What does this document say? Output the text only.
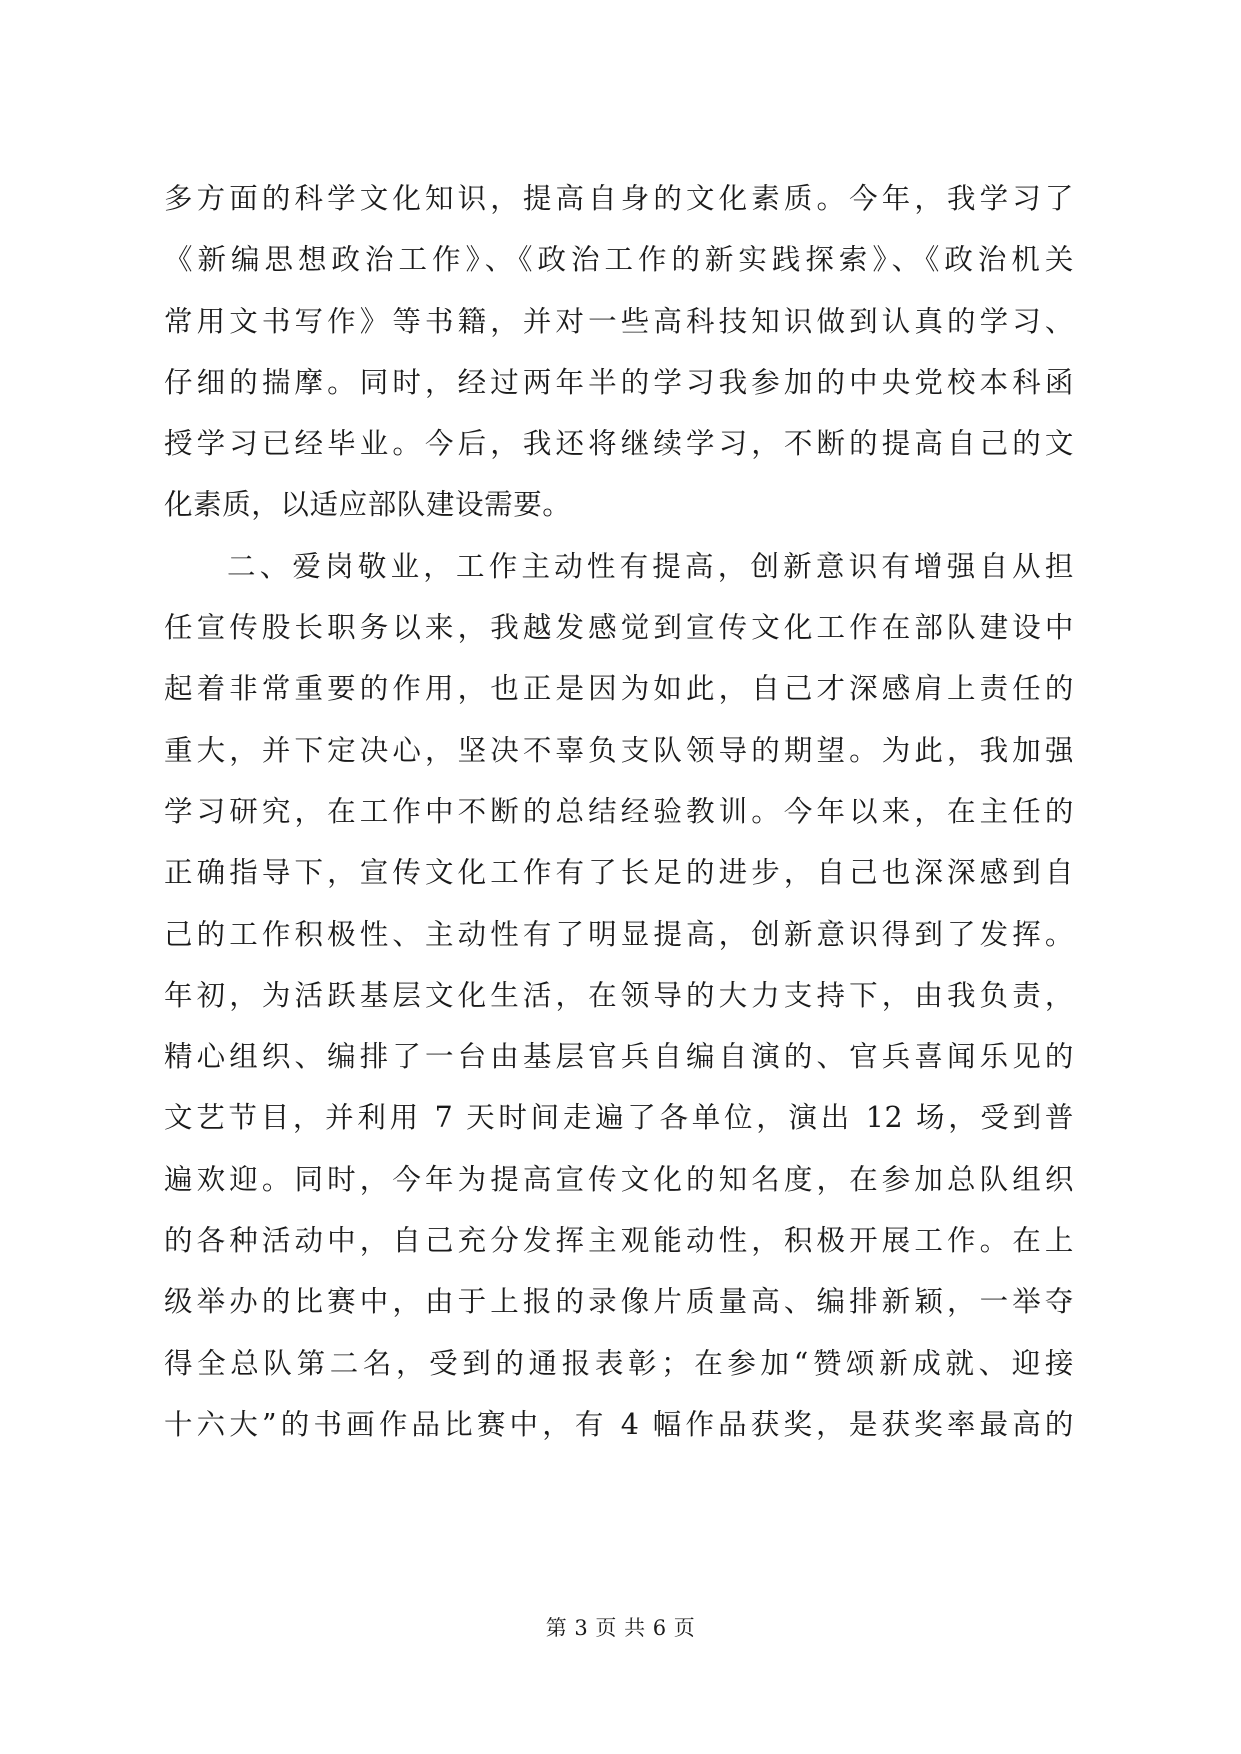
多方面的科学文化知识，提高自身的文化素质。今年，我学习了
《新编思想政治工作》、《政治工作的新实践探索》、《政治机关
常用文书写作》等书籍，并对一些高科技知识做到认真的学习、
仔细的揣摩。同时，经过两年半的学习我参加的中央党校本科函
授学习已经毕业。今后，我还将继续学习，不断的提高自己的文
化素质，以适应部队建设需要。
二、爱岗敬业，工作主动性有提高，创新意识有增强自从担
任宣传股长职务以来，我越发感觉到宣传文化工作在部队建设中
起着非常重要的作用，也正是因为如此，自己才深感肩上责任的
重大，并下定决心，坚决不辜负支队领导的期望。为此，我加强
学习研究，在工作中不断的总结经验教训。今年以来，在主任的
正确指导下，宣传文化工作有了长足的进步，自己也深深感到自
己的工作积极性、主动性有了明显提高，创新意识得到了发挥。
年初，为活跃基层文化生活，在领导的大力支持下，由我负责，
精心组织、编排了一台由基层官兵自编自演的、官兵喜闻乐见的
文艺节目，并利用 7 天时间走遍了各单位，演出 12 场，受到普
遍欢迎。同时，今年为提高宣传文化的知名度，在参加总队组织
的各种活动中，自己充分发挥主观能动性，积极开展工作。在上
级举办的比赛中，由于上报的录像片质量高、编排新颖，一举夺
得全总队第二名，受到的通报表彰；在参加“赞颂新成就、迎接
十六大”的书画作品比赛中，有 4 幅作品获奖，是获奖率最高的
第 3 页 共 6 页
